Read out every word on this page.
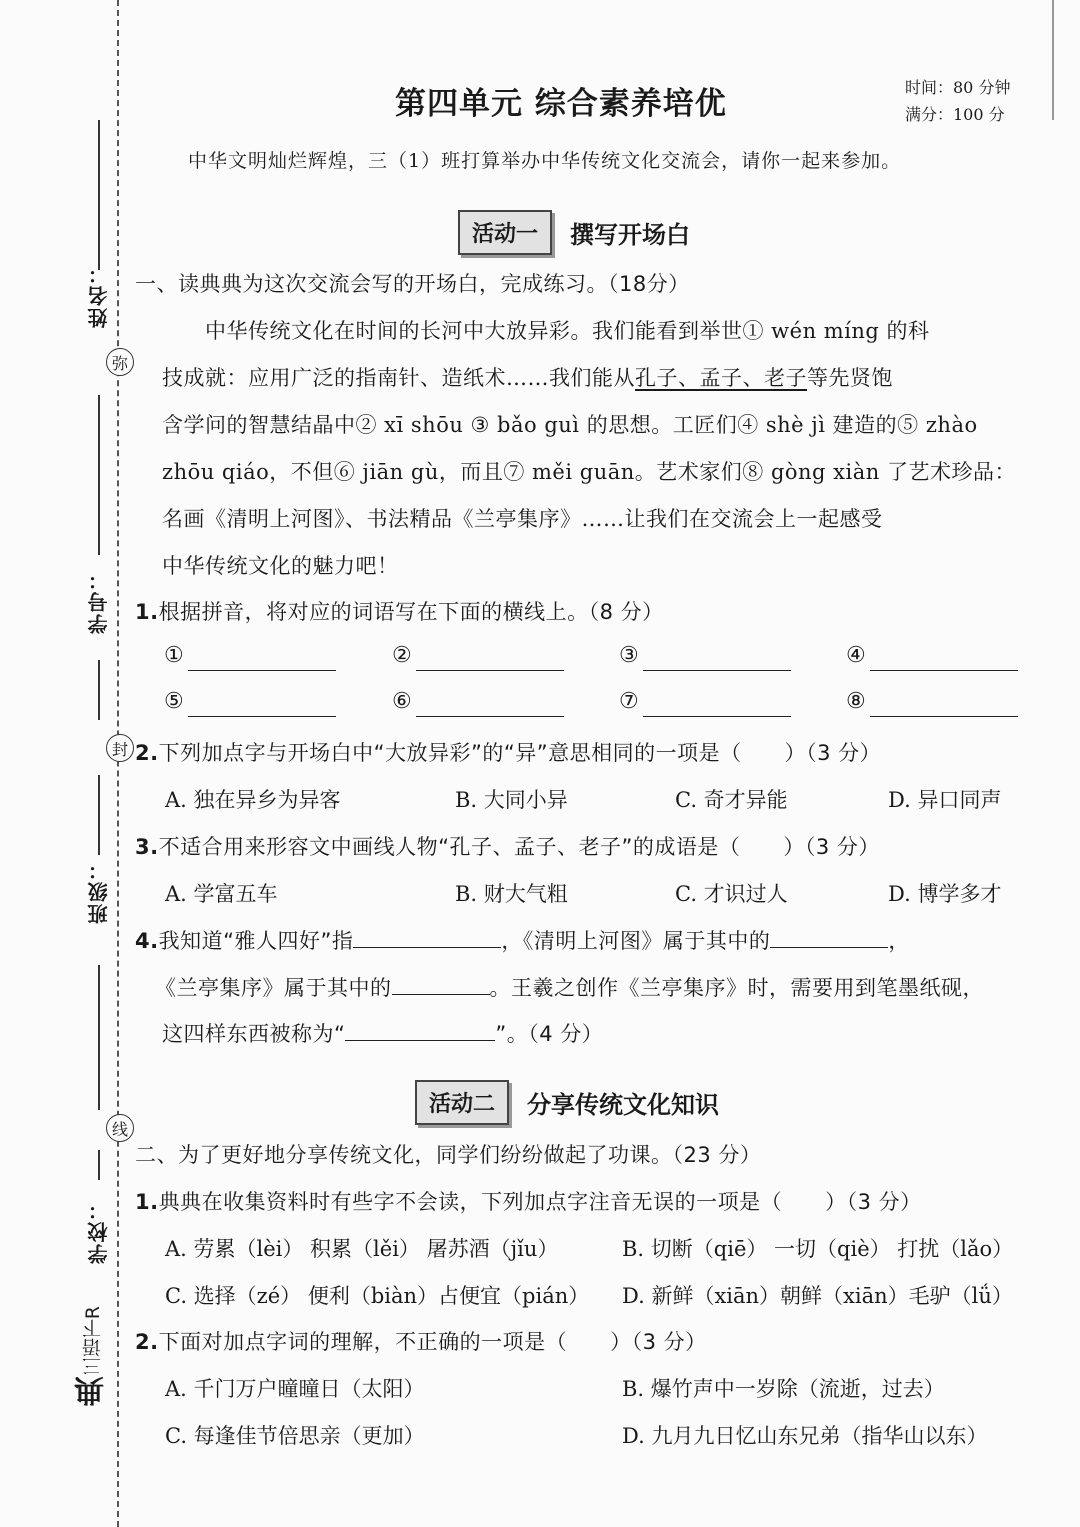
姓名：
弥
学号：
封
班级：
线
学校：
典三语下R
第四单元 综合素养培优	时间：80 分钟
满分：100 分
中华文明灿烂辉煌，三（1）班打算举办中华传统文化交流会，请你一起来参加。
活动一	撰写开场白
一、读典典为这次交流会写的开场白，完成练习。（18分）
中华传统文化在时间的长河中大放异彩。我们能看到举世① wén míng 的科
技成就：应用广泛的指南针、造纸术……我们能从孔子、孟子、老子等先贤饱
含学问的智慧结晶中② xī shōu ③ bǎo guì 的思想。工匠们④ shè jì 建造的⑤ zhào
zhōu qiáo，不但⑥ jiān gù，而且⑦ měi guān。艺术家们⑧ gòng xiàn 了艺术珍品：
名画《清明上河图》、书法精品《兰亭集序》……让我们在交流会上一起感受
中华传统文化的魅力吧！
1.根据拼音，将对应的词语写在下面的横线上。（8 分）
①	②	③	④
⑤	⑥	⑦	⑧
2.下列加点字与开场白中“大放异彩”的“异”意思相同的一项是（　　）（3 分）
A. 独在异乡为异客	B. 大同小异	C. 奇才异能	D. 异口同声
3.不适合用来形容文中画线人物“孔子、孟子、老子”的成语是（　　）（3 分）
A. 学富五车	B. 财大气粗	C. 才识过人	D. 博学多才
4.我知道“雅人四好”指	，《清明上河图》属于其中的	，
《兰亭集序》属于其中的	。王羲之创作《兰亭集序》时，需要用到笔墨纸砚，
这四样东西被称为“	”。（4 分）
活动二	分享传统文化知识
二、为了更好地分享传统文化，同学们纷纷做起了功课。（23 分）
1.典典在收集资料时有些字不会读，下列加点字注音无误的一项是（　　）（3 分）
A. 劳累（lèi） 积累（lěi） 屠苏酒（jǐu）	B. 切断（qiē） 一切（qiè） 打扰（lǎo）
C. 选择（zé） 便利（biàn）占便宜（pián） D. 新鲜（xiān）朝鲜（xiān）毛驴（lǘ）
2.下面对加点字词的理解，不正确的一项是（　　）（3 分）
A. 千门万户曈曈日（太阳）	B. 爆竹声中一岁除（流逝，过去）
C. 每逢佳节倍思亲（更加）	D. 九月九日忆山东兄弟（指华山以东）
